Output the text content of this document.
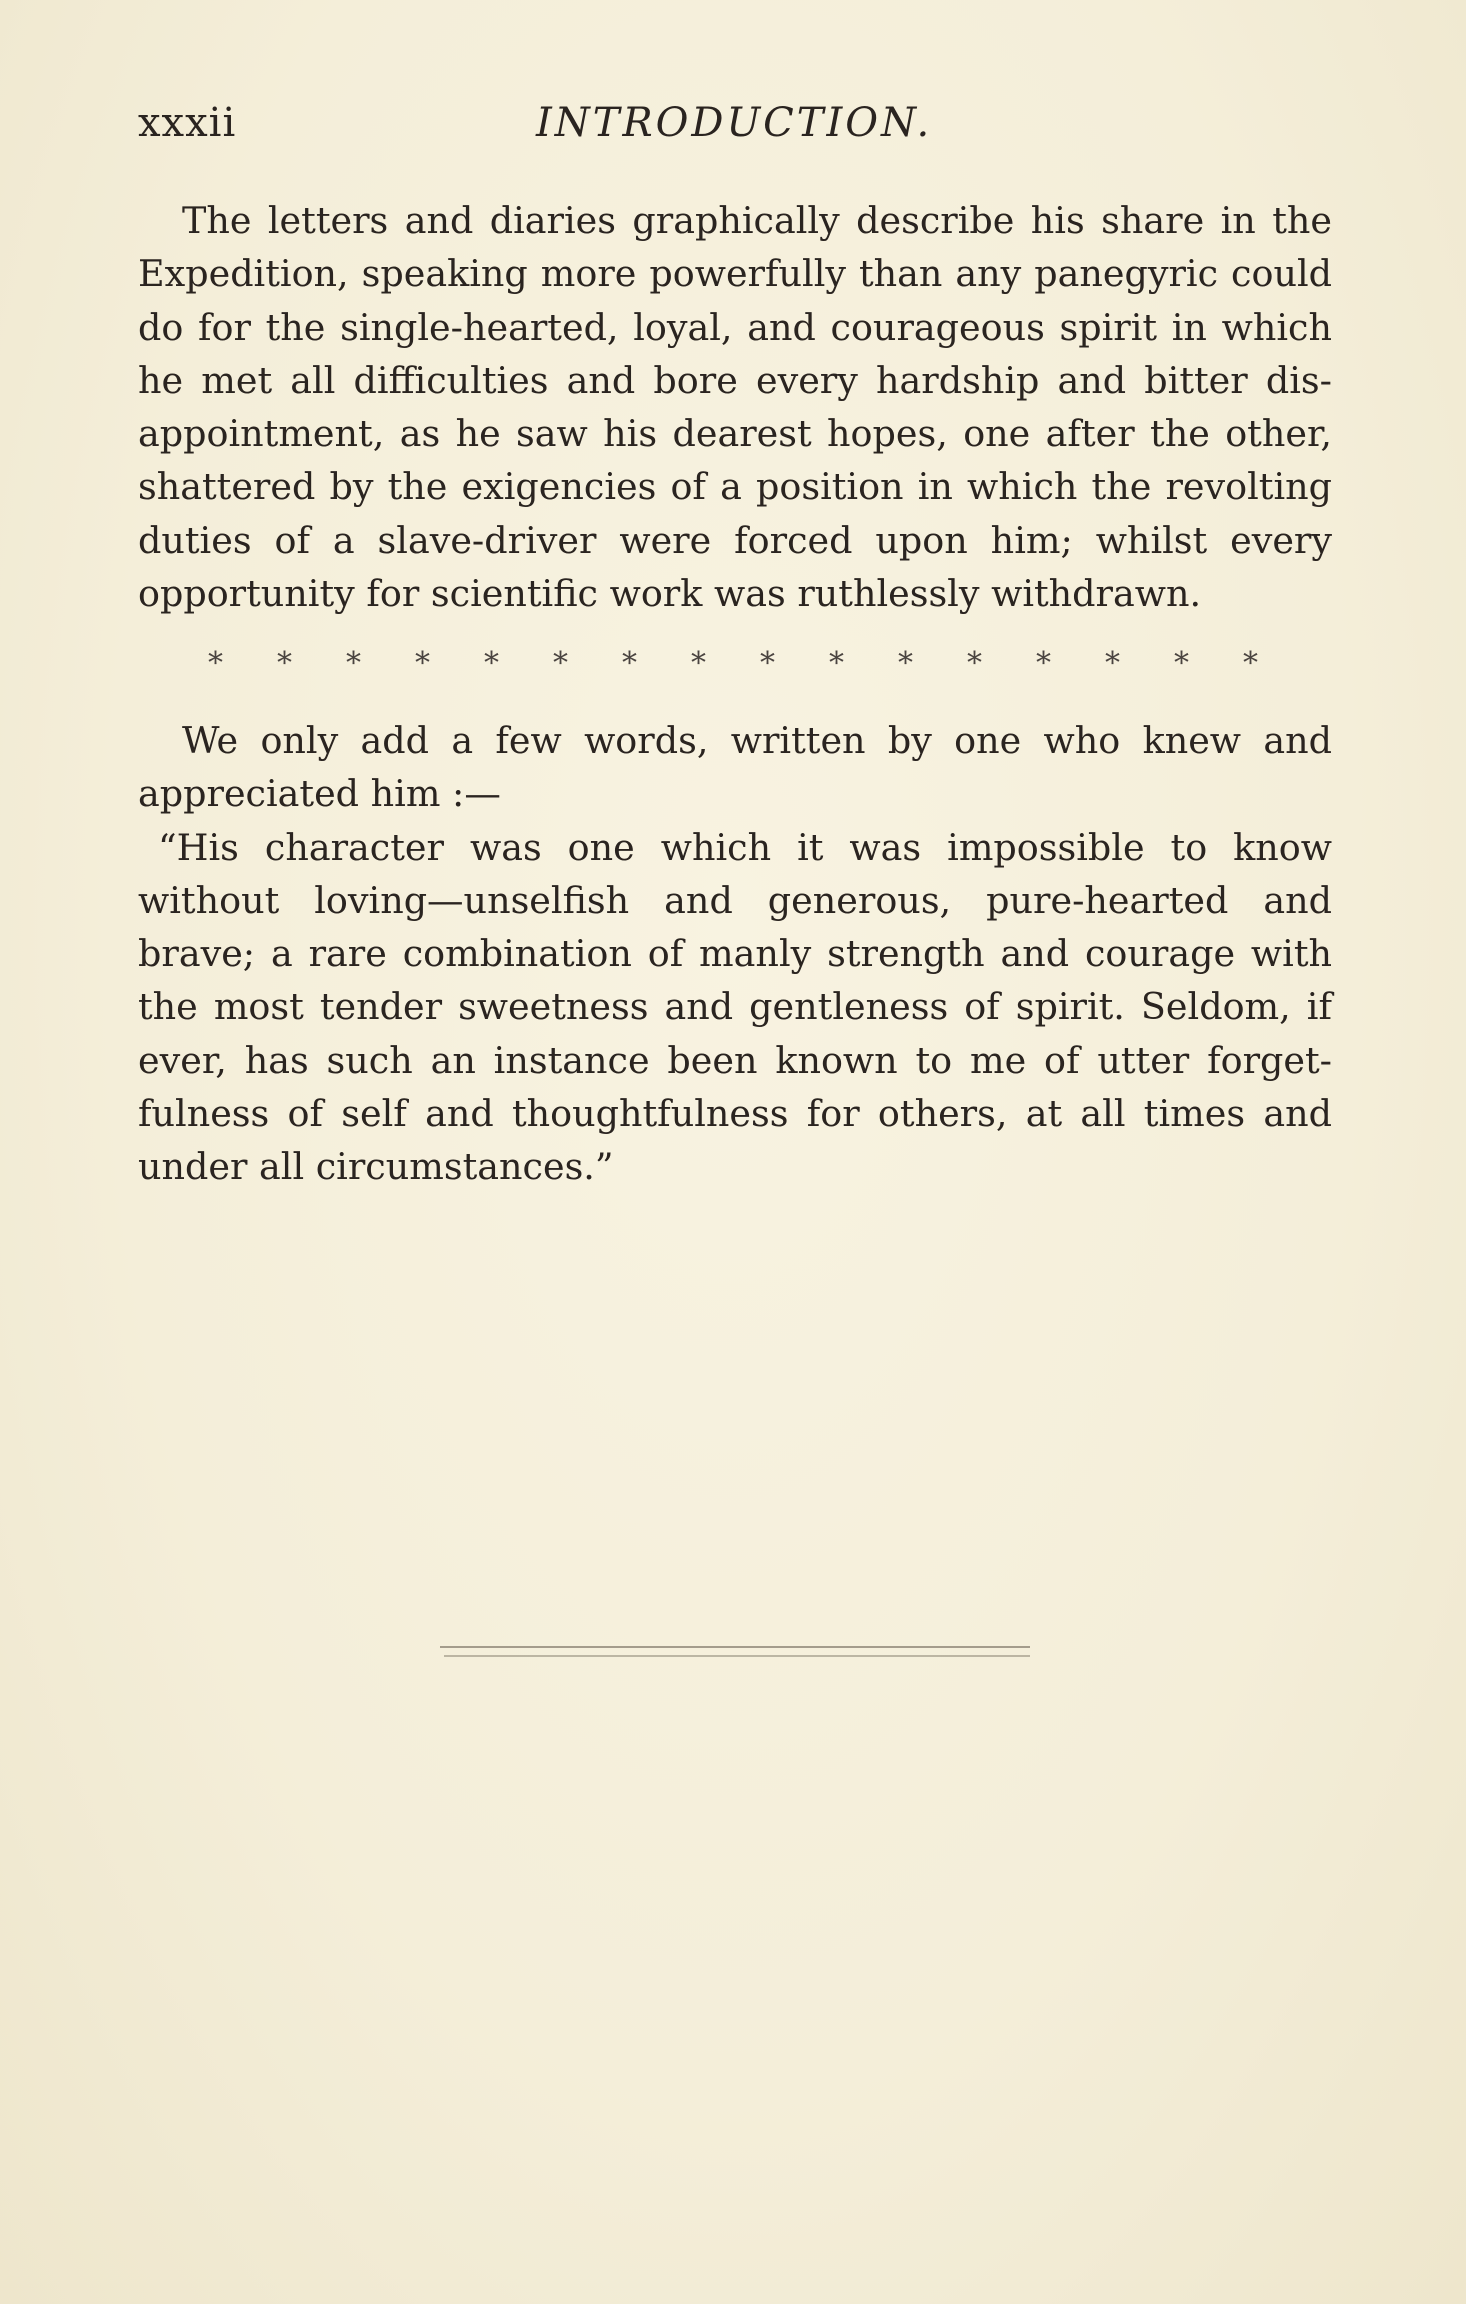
xxxii	INTRODUCTION.

The letters and diaries graphically describe his share in the Expedition, speaking more powerfully than any panegyric could do for the single-hearted, loyal, and courageous spirit in which he met all difficulties and bore every hardship and bitter dis-appointment, as he saw his dearest hopes, one after the other, shattered by the exigencies of a position in which the revolting duties of a slave-driver were forced upon him; whilst every opportunity for scientific work was ruthlessly withdrawn.

* * * * * * * * * * * * * * * *

We only add a few words, written by one who knew and appreciated him :—

“His character was one which it was impossible to know without loving—unselfish and generous, pure-hearted and brave; a rare combination of manly strength and courage with the most tender sweetness and gentleness of spirit. Seldom, if ever, has such an instance been known to me of utter forget-fulness of self and thoughtfulness for others, at all times and under all circumstances.”
